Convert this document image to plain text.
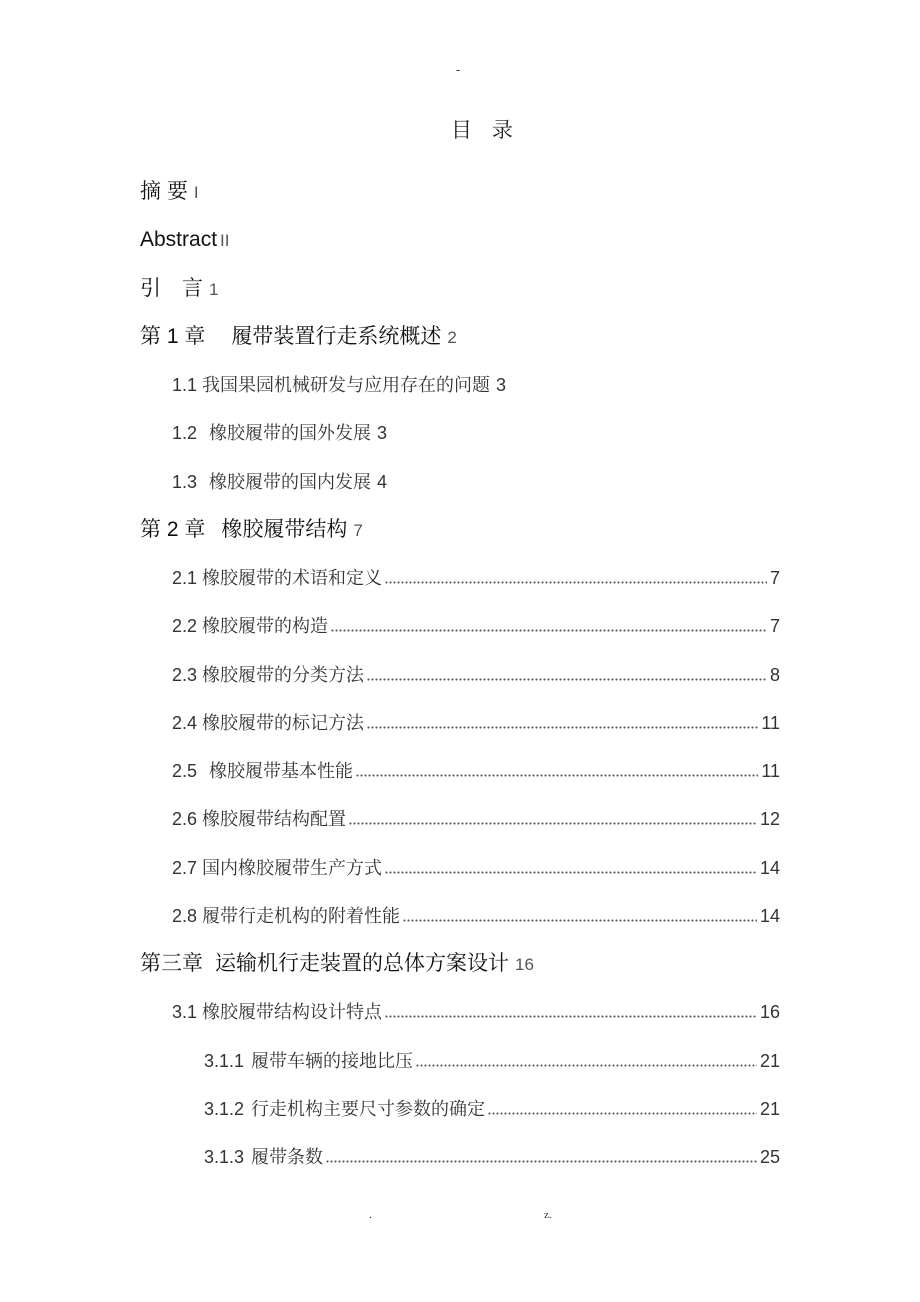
-
目 录
摘 要 I
Abstract II
引　言 1
第 1 章 履带装置行走系统概述 2
1.1 我国果园机械研发与应用存在的问题 3
1.2 橡胶履带的国外发展 3
1.3 橡胶履带的国内发展 4
第 2 章 橡胶履带结构 7
2.1 橡胶履带的术语和定义	7
2.2 橡胶履带的构造	7
2.3 橡胶履带的分类方法	8
2.4 橡胶履带的标记方法	11
2.5 橡胶履带基本性能	11
2.6 橡胶履带结构配置	12
2.7 国内橡胶履带生产方式	14
2.8 履带行走机构的附着性能	14
第三章 运输机行走装置的总体方案设计 16
3.1 橡胶履带结构设计特点	16
3.1.1 履带车辆的接地比压	21
3.1.2 行走机构主要尺寸参数的确定	21
3.1.3 履带条数	25
.	z.
